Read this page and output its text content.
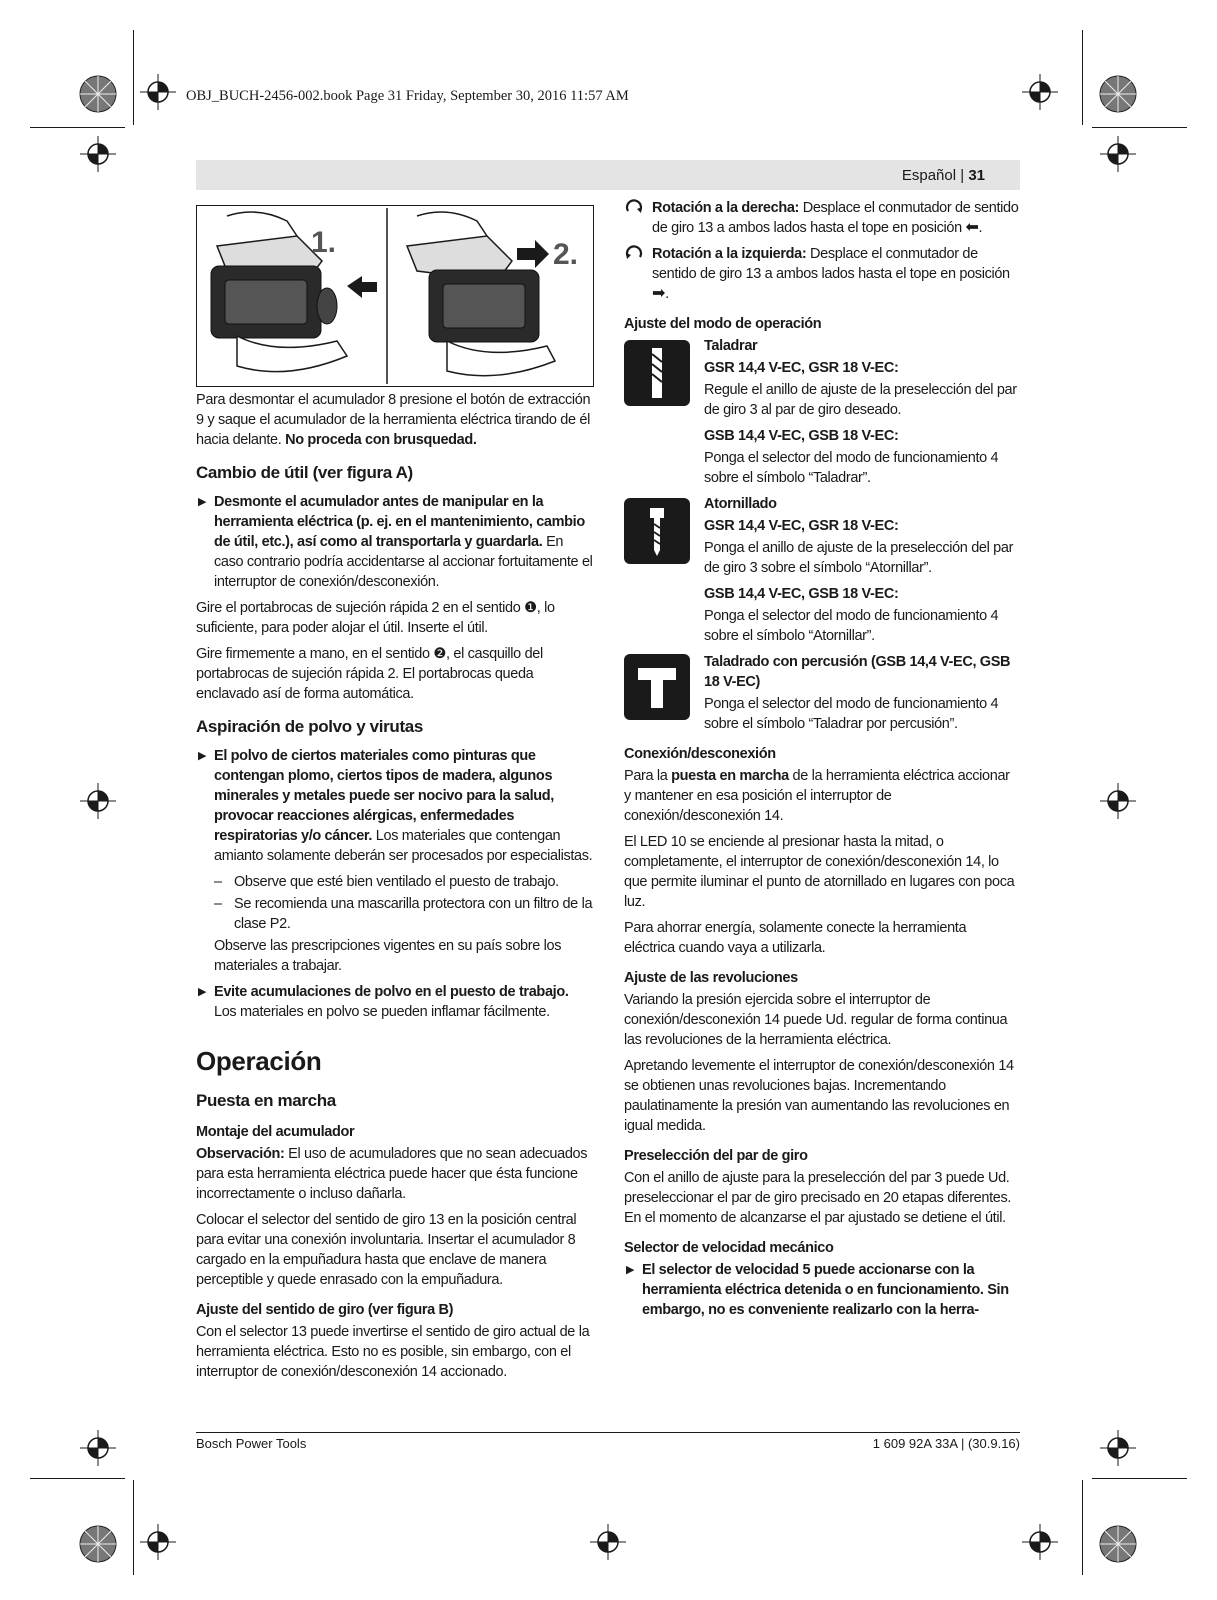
OBJ_BUCH-2456-002.book Page 31 Friday, September 30, 2016 11:57 AM
Español | 31
1.	2.

Para desmontar el acumulador 8 presione el botón de extracción 9 y saque el acumulador de la herramienta eléctrica tirando de él hacia delante. No proceda con brusquedad.

Cambio de útil (ver figura A)
▶ Desmonte el acumulador antes de manipular en la herramienta eléctrica (p. ej. en el mantenimiento, cambio de útil, etc.), así como al transportarla y guardarla. En caso contrario podría accidentarse al accionar fortuitamente el interruptor de conexión/desconexión.

Gire el portabrocas de sujeción rápida 2 en el sentido ❶, lo suficiente, para poder alojar el útil. Inserte el útil.

Gire firmemente a mano, en el sentido ❷, el casquillo del portabrocas de sujeción rápida 2. El portabrocas queda enclavado así de forma automática.

Aspiración de polvo y virutas
▶ El polvo de ciertos materiales como pinturas que contengan plomo, ciertos tipos de madera, algunos minerales y metales puede ser nocivo para la salud, provocar reacciones alérgicas, enfermedades respiratorias y/o cáncer. Los materiales que contengan amianto solamente deberán ser procesados por especialistas.
– Observe que esté bien ventilado el puesto de trabajo.
– Se recomienda una mascarilla protectora con un filtro de la clase P2.

Observe las prescripciones vigentes en su país sobre los materiales a trabajar.

▶ Evite acumulaciones de polvo en el puesto de trabajo. Los materiales en polvo se pueden inflamar fácilmente.
Operación
Puesta en marcha
Montaje del acumulador

Observación: El uso de acumuladores que no sean adecuados para esta herramienta eléctrica puede hacer que ésta funcione incorrectamente o incluso dañarla.

Colocar el selector del sentido de giro 13 en la posición central para evitar una conexión involuntaria. Insertar el acumulador 8 cargado en la empuñadura hasta que enclave de manera perceptible y quede enrasado con la empuñadura.

Ajuste del sentido de giro (ver figura B)

Con el selector 13 puede invertirse el sentido de giro actual de la herramienta eléctrica. Esto no es posible, sin embargo, con el interruptor de conexión/desconexión 14 accionado.

Rotación a la derecha: Desplace el conmutador de sentido de giro 13 a ambos lados hasta el tope en posición ⬅.
Rotación a la izquierda: Desplace el conmutador de sentido de giro 13 a ambos lados hasta el tope en posición ➡.
Ajuste del modo de operación
Taladrar
GSR 14,4 V-EC, GSR 18 V-EC:

Regule el anillo de ajuste de la preselección del par de giro 3 al par de giro deseado.

GSB 14,4 V-EC, GSB 18 V-EC:

Ponga el selector del modo de funcionamiento 4 sobre el símbolo “Taladrar”.

Atornillado
GSR 14,4 V-EC, GSR 18 V-EC:

Ponga el anillo de ajuste de la preselección del par de giro 3 sobre el símbolo “Atornillar”.

GSB 14,4 V-EC, GSB 18 V-EC:

Ponga el selector del modo de funcionamiento 4 sobre el símbolo “Atornillar”.

Taladrado con percusión (GSB 14,4 V-EC, GSB 18 V-EC)

Ponga el selector del modo de funcionamiento 4 sobre el símbolo “Taladrar por percusión”.

Conexión/desconexión

Para la puesta en marcha de la herramienta eléctrica accionar y mantener en esa posición el interruptor de conexión/desconexión 14.

El LED 10 se enciende al presionar hasta la mitad, o completamente, el interruptor de conexión/desconexión 14, lo que permite iluminar el punto de atornillado en lugares con poca luz.

Para ahorrar energía, solamente conecte la herramienta eléctrica cuando vaya a utilizarla.

Ajuste de las revoluciones

Variando la presión ejercida sobre el interruptor de conexión/desconexión 14 puede Ud. regular de forma continua las revoluciones de la herramienta eléctrica.

Apretando levemente el interruptor de conexión/desconexión 14 se obtienen unas revoluciones bajas. Incrementando paulatinamente la presión van aumentando las revoluciones en igual medida.

Preselección del par de giro

Con el anillo de ajuste para la preselección del par 3 puede Ud. preseleccionar el par de giro precisado en 20 etapas diferentes. En el momento de alcanzarse el par ajustado se detiene el útil.

Selector de velocidad mecánico
▶ El selector de velocidad 5 puede accionarse con la herramienta eléctrica detenida o en funcionamiento. Sin embargo, no es conveniente realizarlo con la herra-
Bosch Power Tools	1 609 92A 33A | (30.9.16)
